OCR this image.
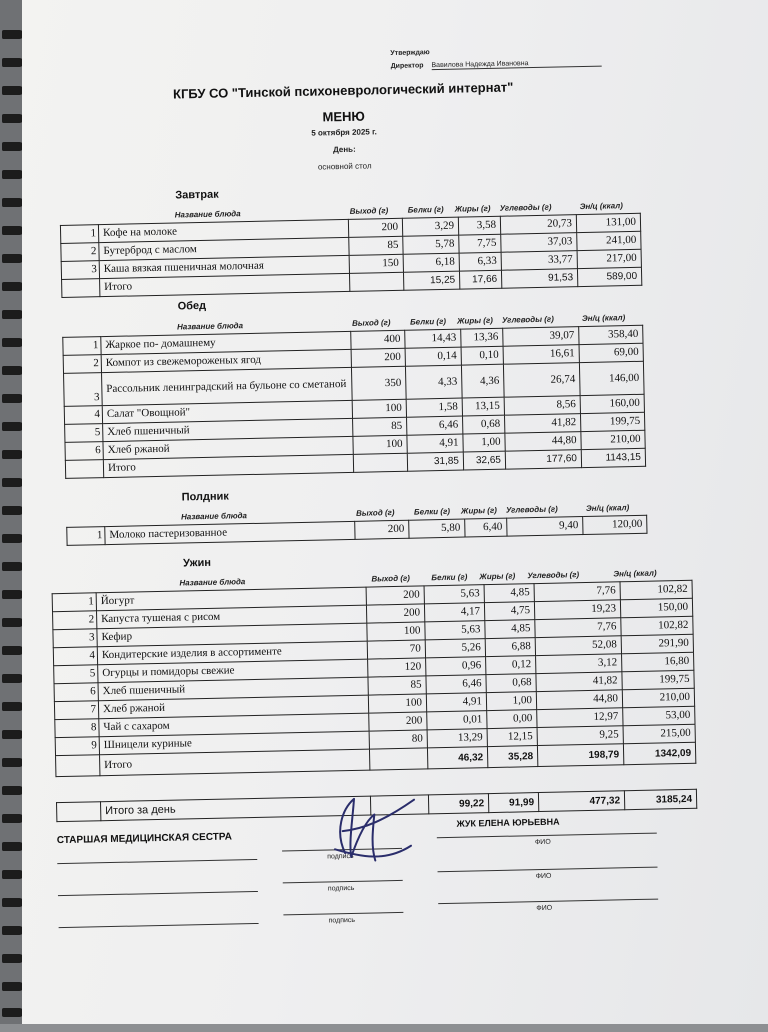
Утверждаю
Директор Вавилова Надежда Ивановна
КГБУ СО "Тинской психоневрологический интернат"
МЕНЮ
5 октября 2025 г.
День:
основной стол
Завтрак
Название блюда	Выход (г) Белки (г) Жиры (г) Углеводы (г)	Эн/ц (ккал)
1	Кофе на молоке	200	3,29	3,58	20,73	131,00
2	Бутерброд с маслом	85	5,78	7,75	37,03	241,00
3	Каша вязкая пшеничная молочная	150	6,18	6,33	33,77	217,00
	Итого		15,25	17,66	91,53	589,00
Обед
Название блюда	Выход (г) Белки (г) Жиры (г) Углеводы (г)	Эн/ц (ккал)
1	Жаркое по- домашнему	400	14,43	13,36	39,07	358,40
2	Компот из свежемороженых ягод	200	0,14	0,10	16,61	69,00
3	Рассольник ленинградский на бульоне со сметаной	350	4,33	4,36	26,74	146,00
4	Салат "Овощной"	100	1,58	13,15	8,56	160,00
5	Хлеб пшеничный	85	6,46	0,68	41,82	199,75
6	Хлеб ржаной	100	4,91	1,00	44,80	210,00
	Итого		31,85	32,65	177,60	1143,15
Полдник
Название блюда	Выход (г) Белки (г) Жиры (г) Углеводы (г)	Эн/ц (ккал)
1	Молоко пастеризованное	200	5,80	6,40	9,40	120,00
Ужин
Название блюда	Выход (г)	Белки (г) Жиры (г) Углеводы (г)	Эн/ц (ккал)
1	Йогурт	200	5,63	4,85	7,76	102,82
2	Капуста тушеная с рисом	200	4,17	4,75	19,23	150,00
3	Кефир	100	5,63	4,85	7,76	102,82
4	Кондитерские изделия в ассортименте	70	5,26	6,88	52,08	291,90
5	Огурцы и помидоры свежие	120	0,96	0,12	3,12	16,80
6	Хлеб пшеничный	85	6,46	0,68	41,82	199,75
7	Хлеб ржаной	100	4,91	1,00	44,80	210,00
8	Чай с сахаром	200	0,01	0,00	12,97	53,00
9	Шницели куриные	80	13,29	12,15	9,25	215,00
	Итого		46,32	35,28	198,79	1342,09
	Итого за день		99,22	91,99	477,32	3185,24
СТАРШАЯ МЕДИЦИНСКАЯ СЕСТРА
ЖУК ЕЛЕНА ЮРЬЕВНА
подпись
ФИО
подпись
ФИО
подпись
ФИО
